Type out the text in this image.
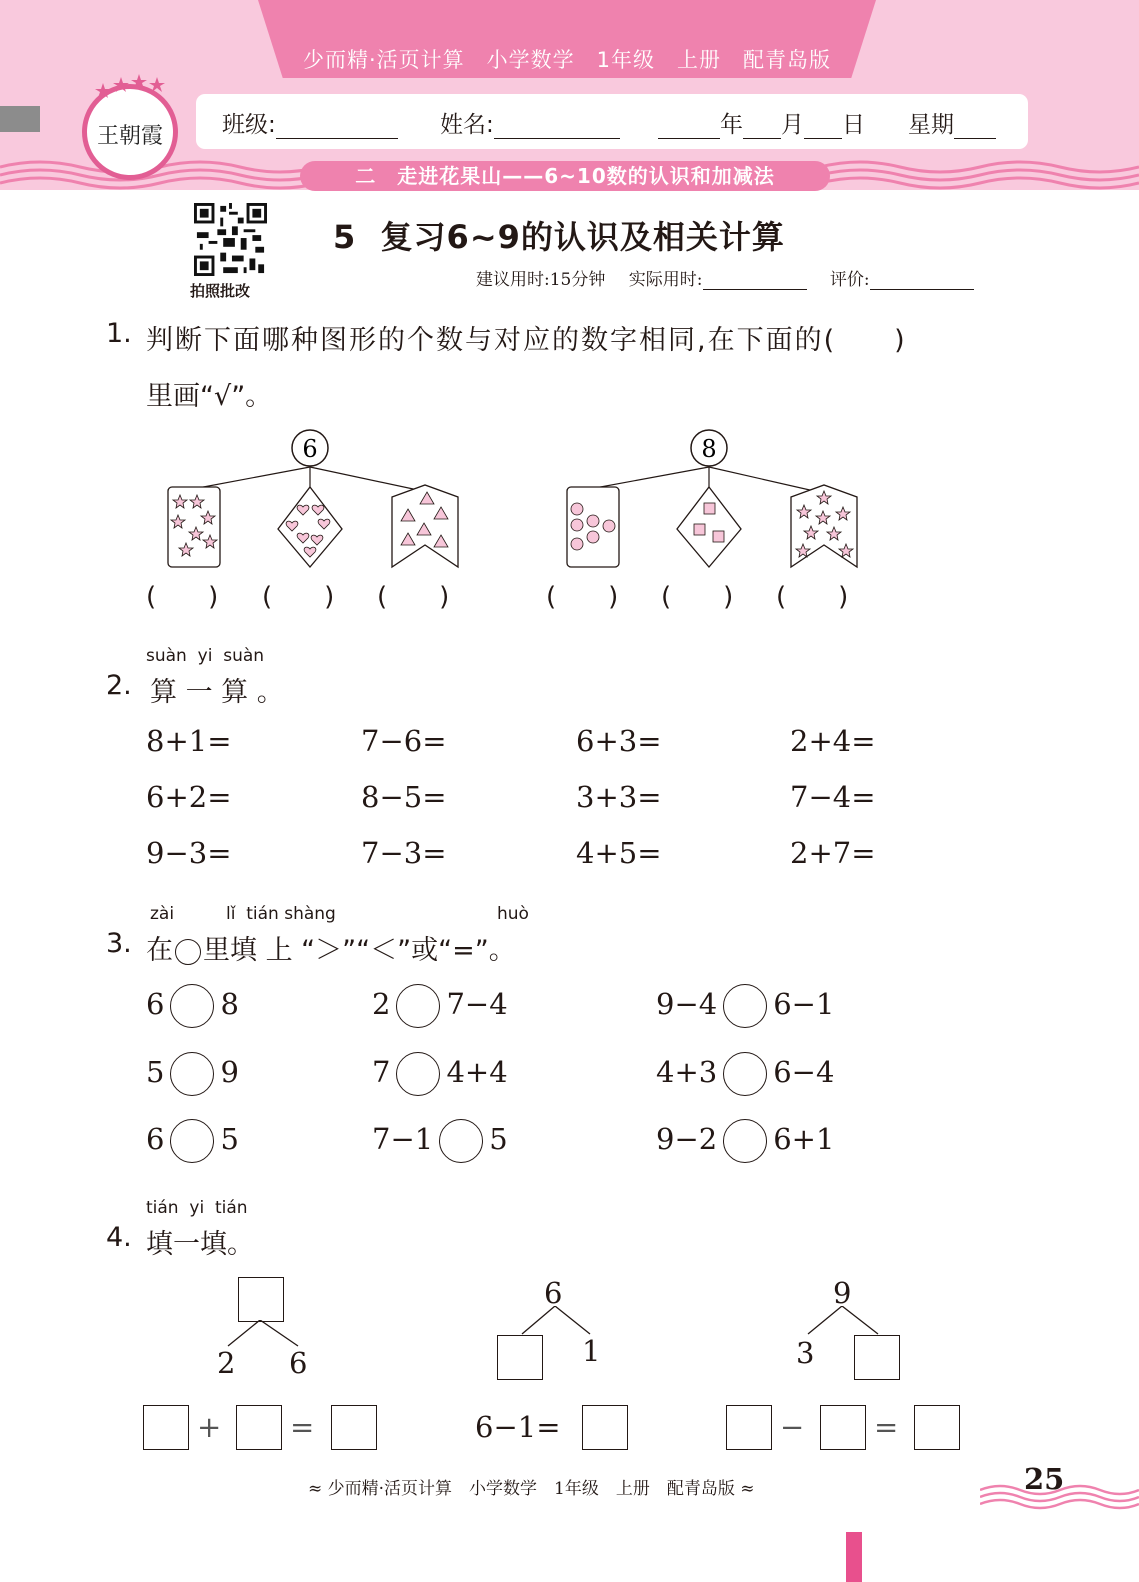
少而精·活页计算　小学数学　1年级　上册　配青岛版
班级:	姓名:	年 月 日 星期
王朝霞
二　走进花果山——6~10数的认识和加减法
拍照批改
5  复习6~9的认识及相关计算
建议用时:15分钟 实际用时:	评价:
1. 判断下面哪种图形的个数与对应的数字相同,在下面的(　　)
里画“√”。
6	8
(　　) (　　) (　　)	(　　) (　　) (　　)
suàn  yi  suàn
2. 算 一 算 。
8+1=	7−6=	6+3=	2+4=
6+2=	8−5=	3+3=	7−4=
9−3=	7−3=	4+5=	2+7=
zài	lǐ  tián shàng	huò
3. 在 里填 上 “＞”“＜”或“=”。
6 8	2 7−4	9−4 6−1
5 9	7 4+4	4+3 6−4
6 5	7−1 5	9−2 6+1
tián  yi  tián
4. 填一填。
2 6
6
1
9
3
+ =	6−1=	− =
≈ 少而精·活页计算　小学数学　1年级　上册　配青岛版 ≈	25
